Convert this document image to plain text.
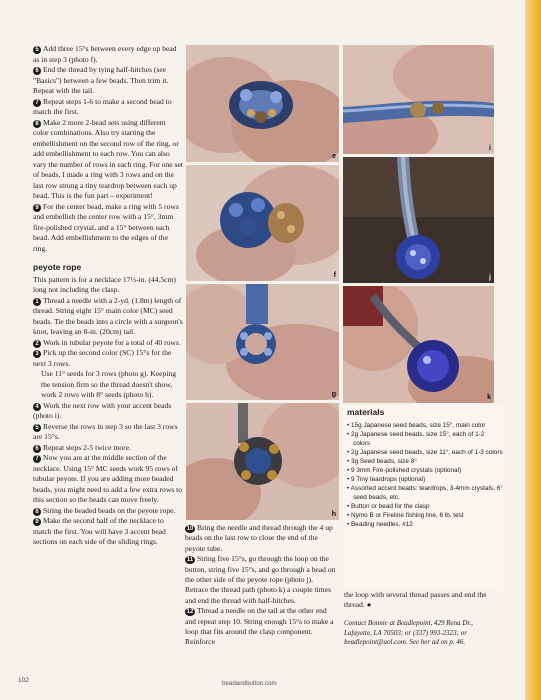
5 Add three 15°s between every edge up bead as in step 3 (photo f).

6 End the thread by tying half-hitches (see "Basics") between a few beads. Then trim it. Repeat with the tail.

7 Repeat steps 1-6 to make a second bead to match the first.

8 Make 2 more 2-bead sets using different color combinations. Also try starting the embellishment on the second row of the ring, or add embellishment to each row. You can also vary the number of rows in each ring. For one set of beads, I made a ring with 3 rows and on the last row strung a tiny teardrop between each up bead. This is the fun part – experiment!

9 For the center bead, make a ring with 5 rows and embellish the center row with a 15°, 3mm fire-polished crystal, and a 15° between each bead. Add embellishment to the edges of the ring.

peyote rope

This pattern is for a necklace 17½-in. (44.5cm) long not including the clasp.

1 Thread a needle with a 2-yd. (1.8m) length of thread. String eight 15° main color (MC) seed beads. Tie the beads into a circle with a surgeon's knot, leaving an 8-in. (20cm) tail.

2 Work in tubular peyote for a total of 40 rows.

3 Pick up the second color (SC) 15°s for the next 3 rows.

Use 11° seeds for 3 rows (photo g). Keeping the tension firm so the thread doesn't show, work 2 rows with 8° seeds (photo h).

4 Work the next row with your accent beads (photo i).

5 Reverse the rows in step 3 so the last 3 rows are 15°s.

6 Repeat steps 2-5 twice more.

7 Now you are at the middle section of the necklace. Using 15° MC seeds work 95 rows of tubular peyote. If you are adding more beaded beads, you might need to add a few extra rows to this section so the beads can move freely.

8 String the beaded beads on the peyote rope.

9 Make the second half of the necklace to match the first. You will have 3 accent bead sections on each side of the sliding rings.

e
f
g
h
i
j
k
materials
• 15g Japanese seed beads, size 15°, main color
• 2g Japanese seed beads, size 15°, each of 1-2 colors
• 2g Japanese seed beads, size 11°, each of 1-3 colors
• 3g Seed beads, size 8°
• 9 3mm Fire-polished crystals (optional)
• 9 Tiny teardrops (optional)
• Assorted accent beads: teardrops, 3-4mm crystals, 6° seed beads, etc.
• Button or bead for the clasp
• Nymo B or Fireline fishing line, 6 lb. test
• Beading needles, #12

10 Bring the needle and thread through the 4 up beads on the last row to close the end of the peyote tube.

11 String five 15°s, go through the loop on the button, string five 15°s, and go through a bead on the other side of the peyote rope (photo j). Retrace the thread path (photo k) a couple times and end the thread with half-hitches.

12 Thread a needle on the tail at the other end and repeat step 10. String enough 15°s to make a loop that fits around the clasp component. Reinforce

the loop with several thread passes and end the thread. ●

Contact Bonnie at Beadlepoint, 429 Rena Dr., Lafayette, LA 70503; or (337) 993-2323; or beadlepoint@aol.com. See her ad on p. 46.

102	beadandbutton.com
